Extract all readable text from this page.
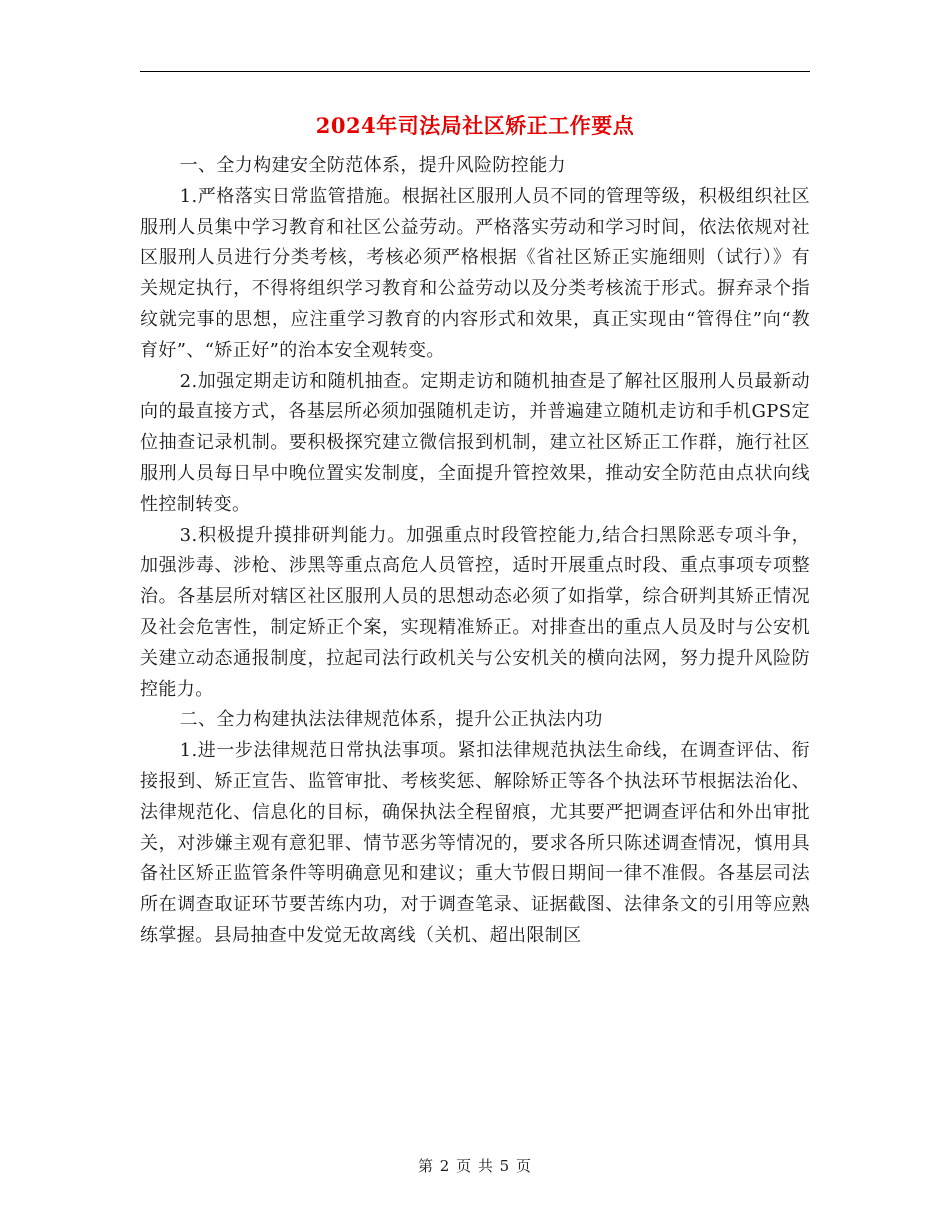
2024年司法局社区矫正工作要点

一、全力构建安全防范体系，提升风险防控能力

1.严格落实日常监管措施。根据社区服刑人员不同的管理等级，积极组织社区服刑人员集中学习教育和社区公益劳动。严格落实劳动和学习时间，依法依规对社区服刑人员进行分类考核，考核必须严格根据《省社区矫正实施细则（试行）》有关规定执行，不得将组织学习教育和公益劳动以及分类考核流于形式。摒弃录个指纹就完事的思想，应注重学习教育的内容形式和效果，真正实现由“管得住”向“教育好”、“矫正好”的治本安全观转变。

2.加强定期走访和随机抽查。定期走访和随机抽查是了解社区服刑人员最新动向的最直接方式，各基层所必须加强随机走访，并普遍建立随机走访和手机GPS定位抽查记录机制。要积极探究建立微信报到机制，建立社区矫正工作群，施行社区服刑人员每日早中晚位置实发制度，全面提升管控效果，推动安全防范由点状向线性控制转变。

3.积极提升摸排研判能力。加强重点时段管控能力,结合扫黑除恶专项斗争，加强涉毒、涉枪、涉黑等重点高危人员管控，适时开展重点时段、重点事项专项整治。各基层所对辖区社区服刑人员的思想动态必须了如指掌，综合研判其矫正情况及社会危害性，制定矫正个案，实现精准矫正。对排查出的重点人员及时与公安机关建立动态通报制度，拉起司法行政机关与公安机关的横向法网，努力提升风险防控能力。

二、全力构建执法法律规范体系，提升公正执法内功

1.进一步法律规范日常执法事项。紧扣法律规范执法生命线，在调查评估、衔接报到、矫正宣告、监管审批、考核奖惩、解除矫正等各个执法环节根据法治化、法律规范化、信息化的目标，确保执法全程留痕，尤其要严把调查评估和外出审批关，对涉嫌主观有意犯罪、情节恶劣等情况的，要求各所只陈述调查情况，慎用具备社区矫正监管条件等明确意见和建议；重大节假日期间一律不准假。各基层司法所在调查取证环节要苦练内功，对于调查笔录、证据截图、法律条文的引用等应熟练掌握。县局抽查中发觉无故离线（关机、超出限制区

第 2 页 共 5 页
